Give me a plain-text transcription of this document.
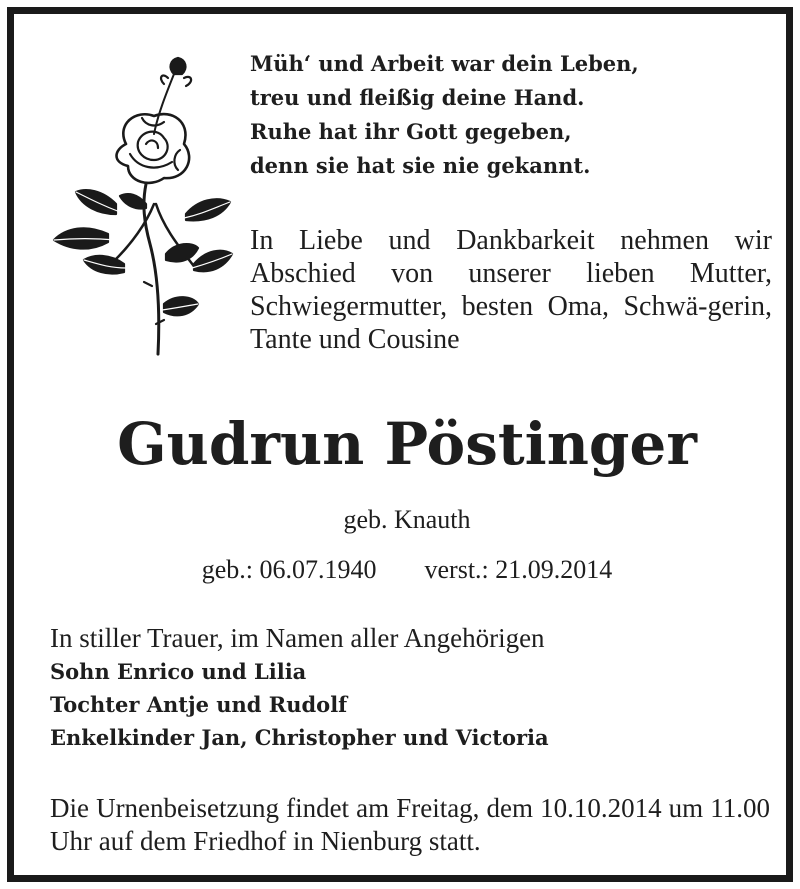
Müh‘ und Arbeit war dein Leben,
treu und fleißig deine Hand.
Ruhe hat ihr Gott gegeben,
denn sie hat sie nie gekannt.
In Liebe und Dankbarkeit nehmen wir Abschied von unserer lieben Mutter, Schwiegermutter, besten Oma, Schwä-gerin, Tante und Cousine
Gudrun Pöstinger
geb. Knauth
geb.: 06.07.1940 verst.: 21.09.2014
In stiller Trauer, im Namen aller Angehörigen
Sohn Enrico und Lilia
Tochter Antje und Rudolf
Enkelkinder Jan, Christopher und Victoria
Die Urnenbeisetzung findet am Freitag, dem 10.10.2014 um 11.00 Uhr auf dem Friedhof in Nienburg statt.
